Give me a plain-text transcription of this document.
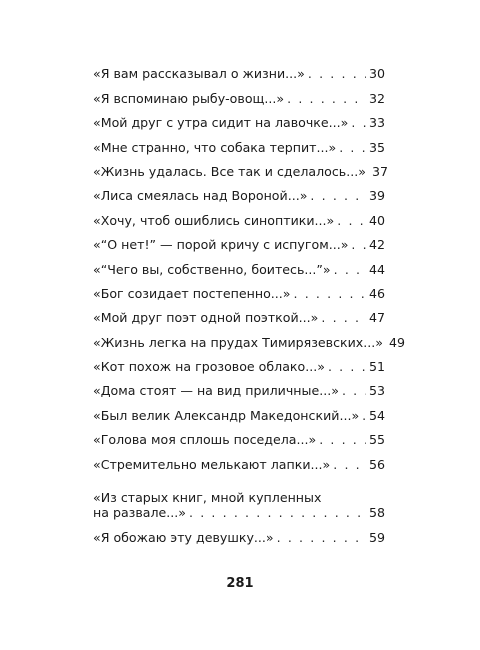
«Я вам рассказывал о жизни...» . . .	30
«Я вспоминаю рыбу-овощ...» . . .	32
«Мой друг с утра сидит на лавочке...» . . . 33
«Мне странно, что собака терпит...» . . .	35
«Жизнь удалась. Все так и сделалось...» 37
«Лиса смеялась над Вороной...» . . .	39
«Хочу, чтоб ошиблись синоптики...» . . .	40
«“О нет!” — порой кричу с испугом...» . . . 42
«“Чего вы, собственно, боитесь...”» . . .	44
«Бог созидает постепенно...» . . .	46
«Мой друг поэт одной поэткой...» . . .	47
«Жизнь легка на прудах Тимирязевских...» 49
«Кот похож на грозовое облако...» . . .	51
«Дома стоят — на вид приличные...» . . . 53
«Был велик Александр Македонский...» . . . 54
«Голова моя сплошь поседела...» . . .	55
«Стремительно мелькают лапки...» . . .	56
«Из старых книг, мной купленных
на развале...» . . .	58
«Я обожаю эту девушку...» . . .	59
281
